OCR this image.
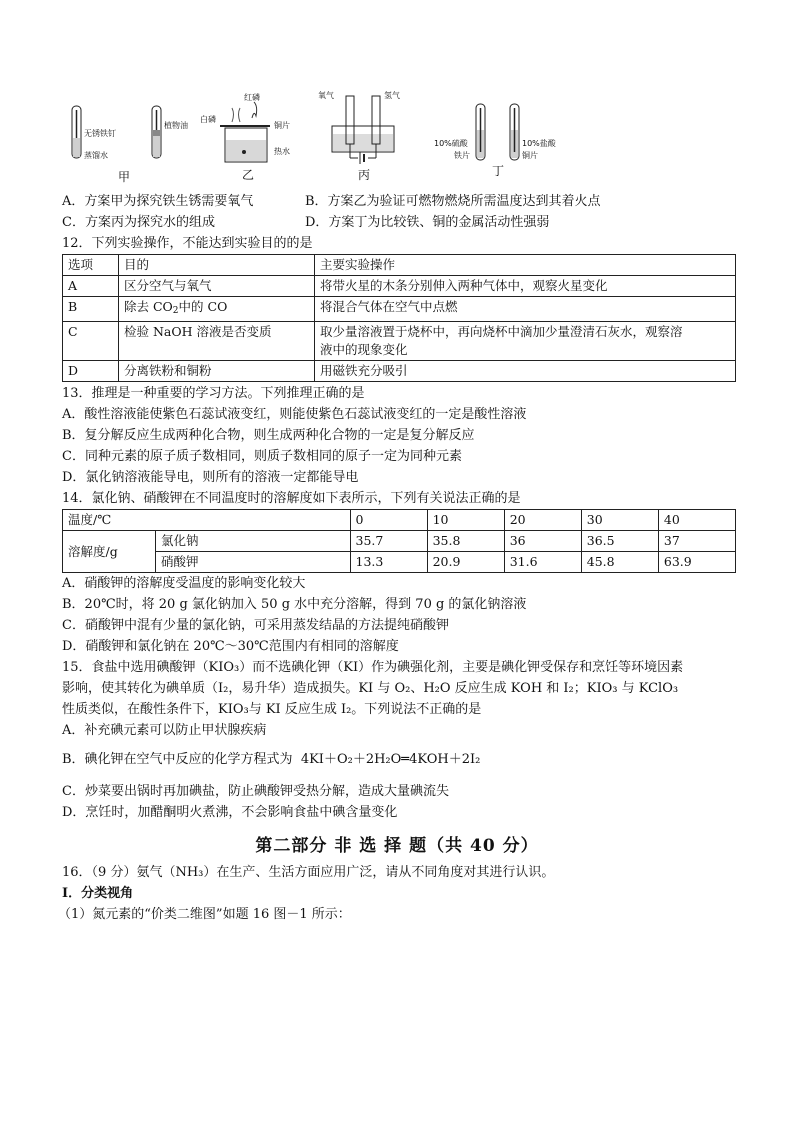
无锈铁钉
植物油
蒸馏水
甲
白磷
红磷
铜片
热水
乙
氧气	氢气
丙
10%硫酸	10%盐酸
铁片	铜片
丁
A．方案甲为探究铁生锈需要氧气	B．方案乙为验证可燃物燃烧所需温度达到其着火点
C．方案丙为探究水的组成	D．方案丁为比较铁、铜的金属活动性强弱
12．下列实验操作，不能达到实验目的的是
选项	目的	主要实验操作
A	区分空气与氧气	将带火星的木条分别伸入两种气体中，观察火星变化
B	除去 $CO_2$中的 CO	将混合气体在空气中点燃
C	检验 NaOH 溶液是否变质	取少量溶液置于烧杯中，再向烧杯中滴加少量澄清石灰水，观察溶
液中的现象变化

D	分离铁粉和铜粉	用磁铁充分吸引
13．推理是一种重要的学习方法。下列推理正确的是
A．酸性溶液能使紫色石蕊试液变红，则能使紫色石蕊试液变红的一定是酸性溶液
B．复分解反应生成两种化合物，则生成两种化合物的一定是复分解反应
C．同种元素的原子质子数相同，则质子数相同的原子一定为同种元素
D．氯化钠溶液能导电，则所有的溶液一定都能导电
14．氯化钠、硝酸钾在不同温度时的溶解度如下表所示，下列有关说法正确的是
温度/℃		0	10	20	30	40
溶解度/g	氯化钠	35.7	35.8	36	36.5	37
	硝酸钾	13.3	20.9	31.6	45.8	63.9
A．硝酸钾的溶解度受温度的影响变化较大
B．20℃时，将 20 g 氯化钠加入 50 g 水中充分溶解，得到 70 g 的氯化钠溶液
C．硝酸钾中混有少量的氯化钠，可采用蒸发结晶的方法提纯硝酸钾
D．硝酸钾和氯化钠在 20℃～30℃范围内有相同的溶解度
15．食盐中选用碘酸钾（KIO₃）而不选碘化钾（KI）作为碘强化剂，主要是碘化钾受保存和烹饪等环境因素
影响，使其转化为碘单质（I₂，易升华）造成损失。KI 与 O₂、H₂O 反应生成 KOH 和 I₂；KIO₃ 与 KClO₃
性质类似，在酸性条件下，KIO₃与 KI 反应生成 I₂。下列说法不正确的是
A．补充碘元素可以防止甲状腺疾病
B．碘化钾在空气中反应的化学方程式为 4KI＋O₂＋2H₂O═4KOH＋2I₂
C．炒菜要出锅时再加碘盐，防止碘酸钾受热分解，造成大量碘流失
D．烹饪时，加醋酮明火煮沸，不会影响食盐中碘含量变化
第二部分 非 选 择 题（共 40 分）
16．（9 分）氨气（NH₃）在生产、生活方面应用广泛，请从不同角度对其进行认识。
Ⅰ．分类视角
（1）氮元素的“价类二维图”如题 16 图－1 所示：
